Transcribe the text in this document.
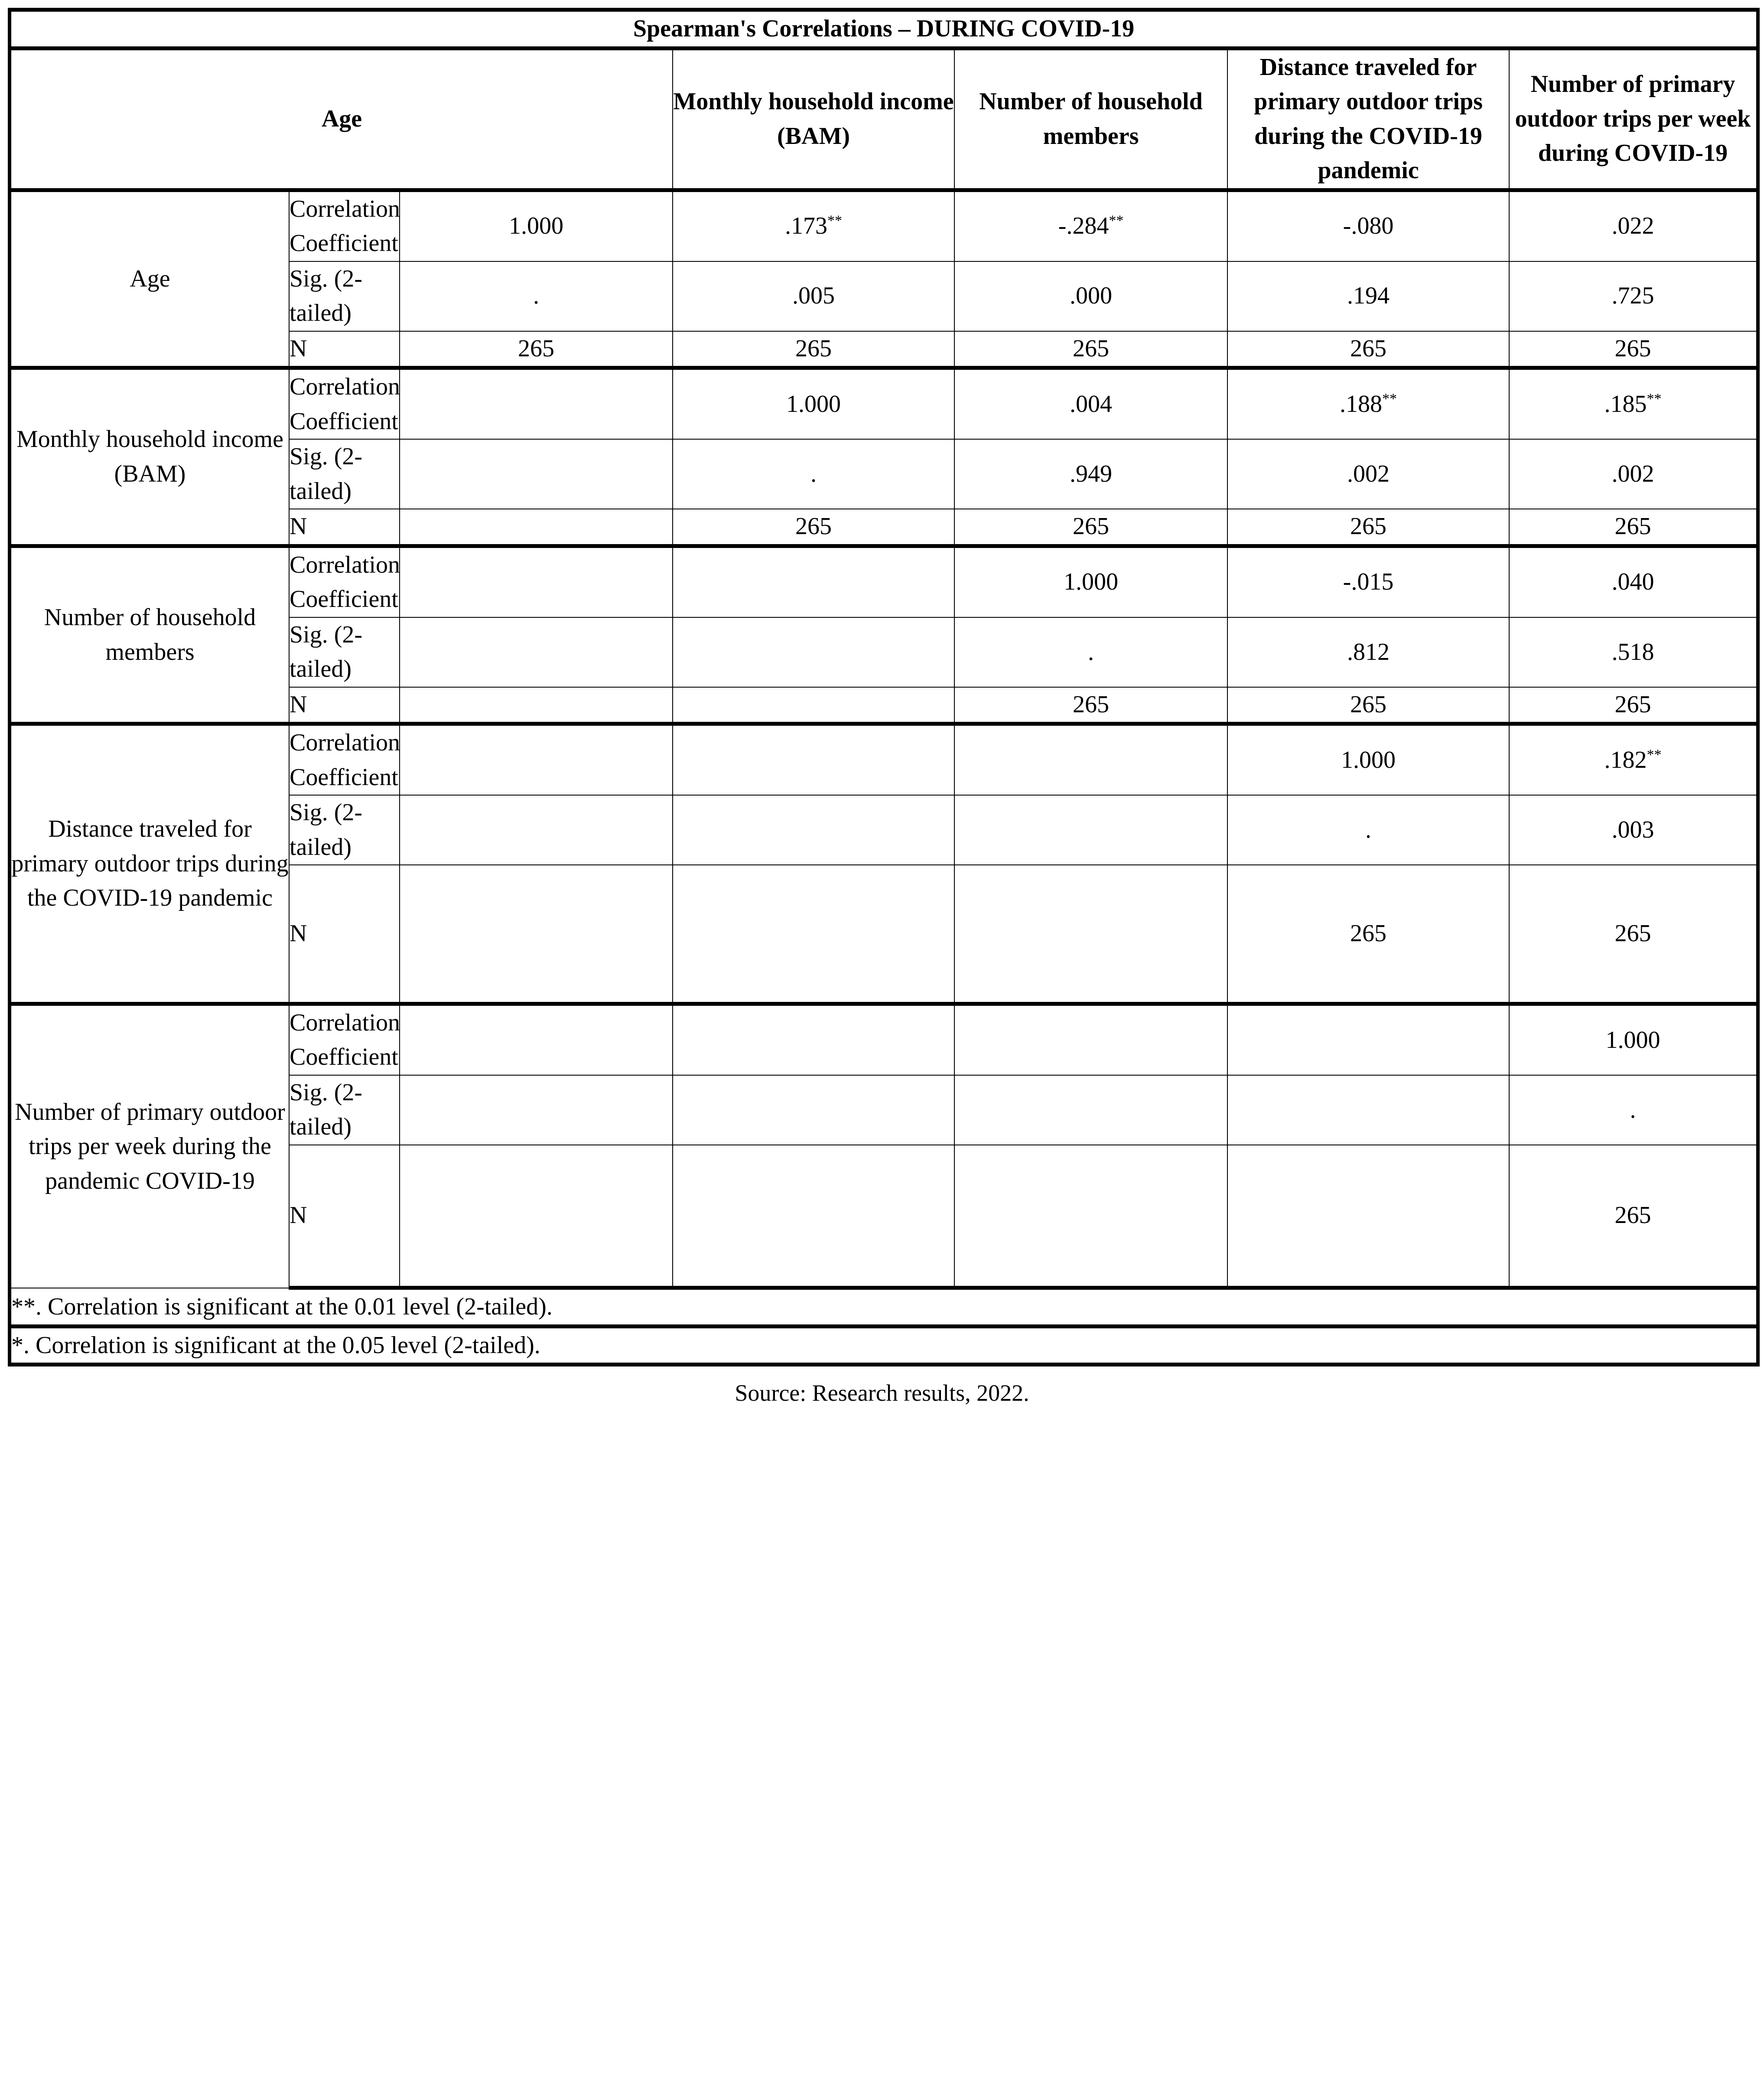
Spearman's Correlations – DURING COVID-19						
Age			Monthly household income (BAM)	Number of household members	Distance traveled for primary outdoor trips during the COVID-19 pandemic	Number of primary outdoor trips per week during COVID-19
Age	Correlation Coefficient	1.000	.173**	-.284**	-.080	.022
	Sig. (2-tailed)	.	.005	.000	.194	.725
	N	265	265	265	265	265
Monthly household income (BAM)	Correlation Coefficient		1.000	.004	.188**	.185**
	Sig. (2-tailed)		.	.949	.002	.002
	N		265	265	265	265
Number of household members	Correlation Coefficient			1.000	-.015	.040
	Sig. (2-tailed)			.	.812	.518
	N			265	265	265
Distance traveled for primary outdoor trips during the COVID-19 pandemic	Correlation Coefficient				1.000	.182**
	Sig. (2-tailed)				.	.003
	N				265	265
Number of primary outdoor trips per week during the pandemic COVID-19	Correlation Coefficient					1.000
	Sig. (2-tailed)					.
	N					265
**. Correlation is significant at the 0.01 level (2-tailed).						
*. Correlation is significant at the 0.05 level (2-tailed).						
Source: Research results, 2022.
